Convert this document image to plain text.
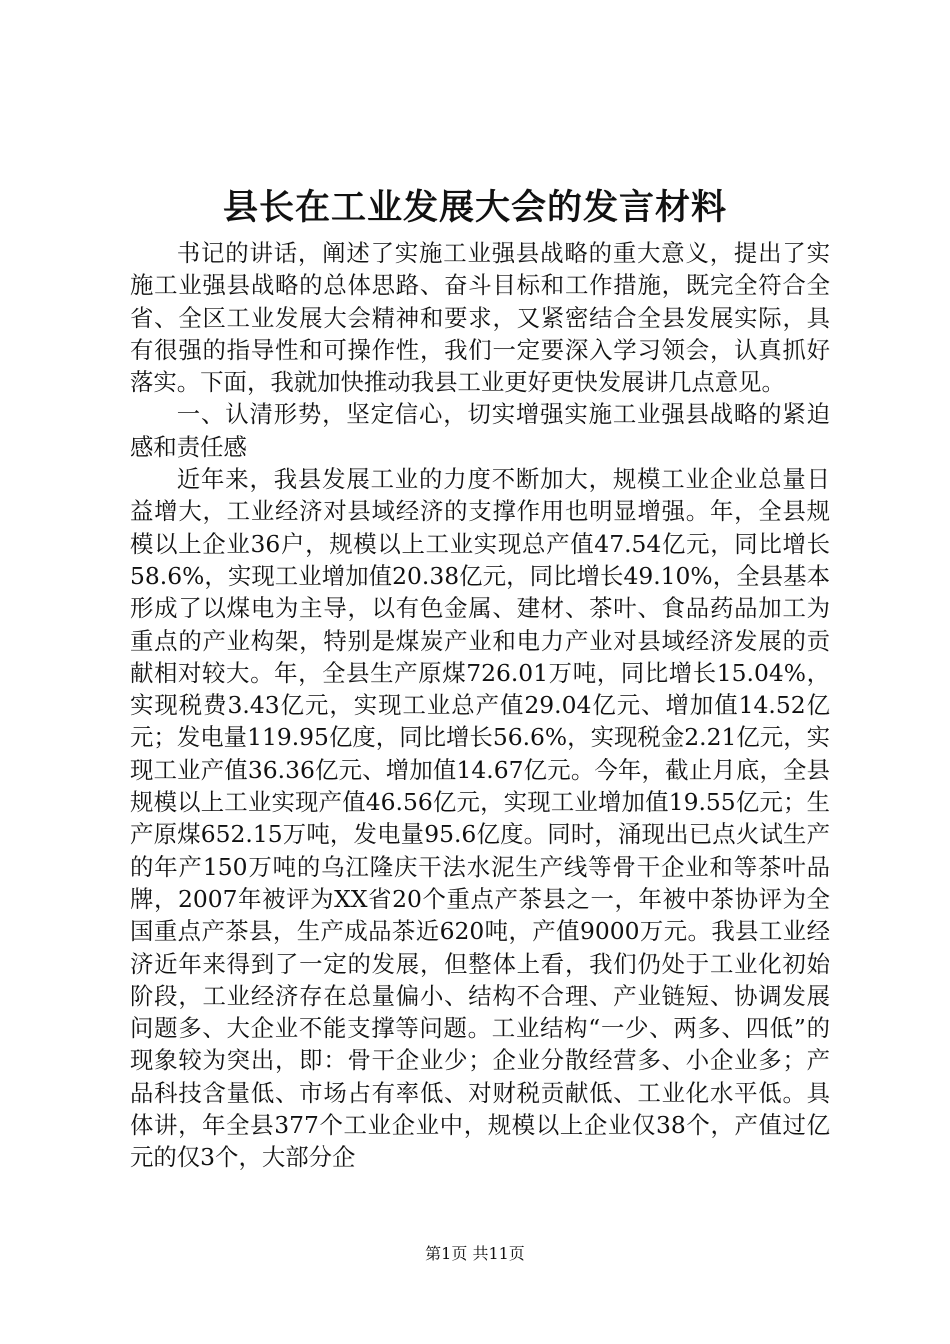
县长在工业发展大会的发言材料

书记的讲话，阐述了实施工业强县战略的重大意义，提出了实施工业强县战略的总体思路、奋斗目标和工作措施，既完全符合全省、全区工业发展大会精神和要求，又紧密结合全县发展实际，具有很强的指导性和可操作性，我们一定要深入学习领会，认真抓好落实。下面，我就加快推动我县工业更好更快发展讲几点意见。

一、认清形势，坚定信心，切实增强实施工业强县战略的紧迫感和责任感

近年来，我县发展工业的力度不断加大，规模工业企业总量日益增大，工业经济对县域经济的支撑作用也明显增强。年，全县规模以上企业36户，规模以上工业实现总产值47.54亿元，同比增长58.6%，实现工业增加值20.38亿元，同比增长49.10%，全县基本形成了以煤电为主导，以有色金属、建材、茶叶、食品药品加工为重点的产业构架，特别是煤炭产业和电力产业对县域经济发展的贡献相对较大。年，全县生产原煤726.01万吨，同比增长15.04%，实现税费3.43亿元，实现工业总产值29.04亿元、增加值14.52亿元；发电量119.95亿度，同比增长56.6%，实现税金2.21亿元，实现工业产值36.36亿元、增加值14.67亿元。今年，截止月底，全县规模以上工业实现产值46.56亿元，实现工业增加值19.55亿元；生产原煤652.15万吨，发电量95.6亿度。同时，涌现出已点火试生产的年产150万吨的乌江隆庆干法水泥生产线等骨干企业和等茶叶品牌，2007年被评为XX省20个重点产茶县之一，年被中茶协评为全国重点产茶县，生产成品茶近620吨，产值9000万元。我县工业经济近年来得到了一定的发展，但整体上看，我们仍处于工业化初始阶段，工业经济存在总量偏小、结构不合理、产业链短、协调发展问题多、大企业不能支撑等问题。工业结构“一少、两多、四低”的现象较为突出，即：骨干企业少；企业分散经营多、小企业多；产品科技含量低、市场占有率低、对财税贡献低、工业化水平低。具体讲，年全县377个工业企业中，规模以上企业仅38个，产值过亿元的仅3个，大部分企

第1页 共11页
